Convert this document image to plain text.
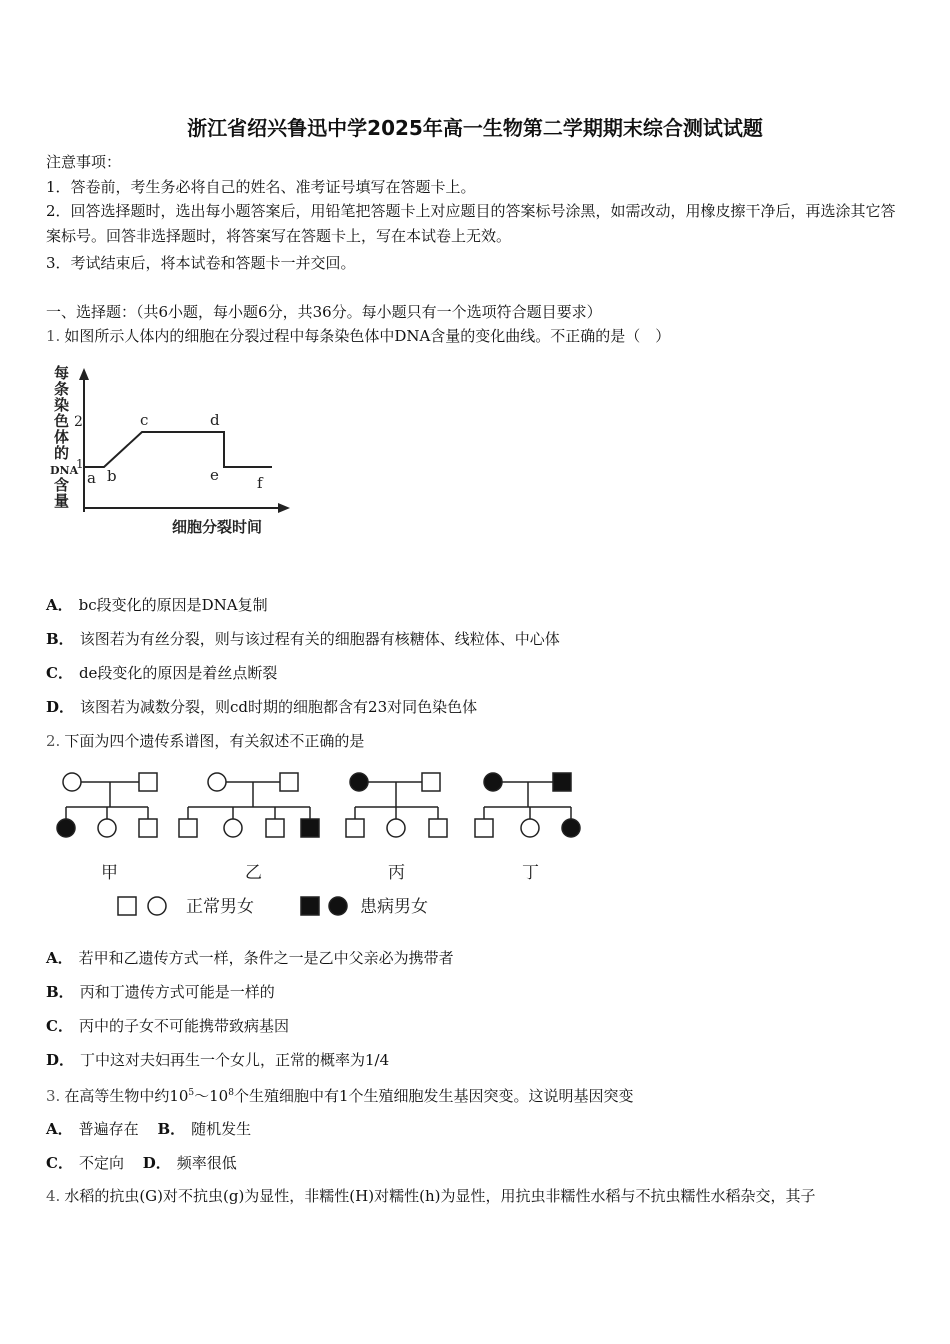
浙江省绍兴鲁迅中学2025年高一生物第二学期期末综合测试试题
注意事项：
1．答卷前，考生务必将自己的姓名、准考证号填写在答题卡上。
2．回答选择题时，选出每小题答案后，用铅笔把答题卡上对应题目的答案标号涂黑，如需改动，用橡皮擦干净后，再选涂其它答案标号。回答非选择题时，将答案写在答题卡上，写在本试卷上无效。
3．考试结束后，将本试卷和答题卡一并交回。
一、选择题：（共6小题，每小题6分，共36分。每小题只有一个选项符合题目要求）
1. 如图所示人体内的细胞在分裂过程中每条染色体中DNA含量的变化曲线。不正确的是（　）
每条染色体的 DNA 含量
2
1
a b
c	d
e	f
细胞分裂时间
A． bc段变化的原因是DNA复制
B． 该图若为有丝分裂，则与该过程有关的细胞器有核糖体、线粒体、中心体
C． de段变化的原因是着丝点断裂
D． 该图若为减数分裂，则cd时期的细胞都含有23对同色染色体
2. 下面为四个遗传系谱图，有关叙述不正确的是
甲	乙	丙	丁
正常男女	患病男女
A． 若甲和乙遗传方式一样，条件之一是乙中父亲必为携带者
B． 丙和丁遗传方式可能是一样的
C． 丙中的子女不可能携带致病基因
D． 丁中这对夫妇再生一个女儿，正常的概率为1/4
3. 在高等生物中约$10^5\sim 10^8$个生殖细胞中有1个生殖细胞发生基因突变。这说明基因突变
A． 普遍存在 B． 随机发生
C． 不定向 D． 频率很低
4. 水稻的抗虫(G)对不抗虫(g)为显性，非糯性(H)对糯性(h)为显性，用抗虫非糯性水稻与不抗虫糯性水稻杂交，其子
